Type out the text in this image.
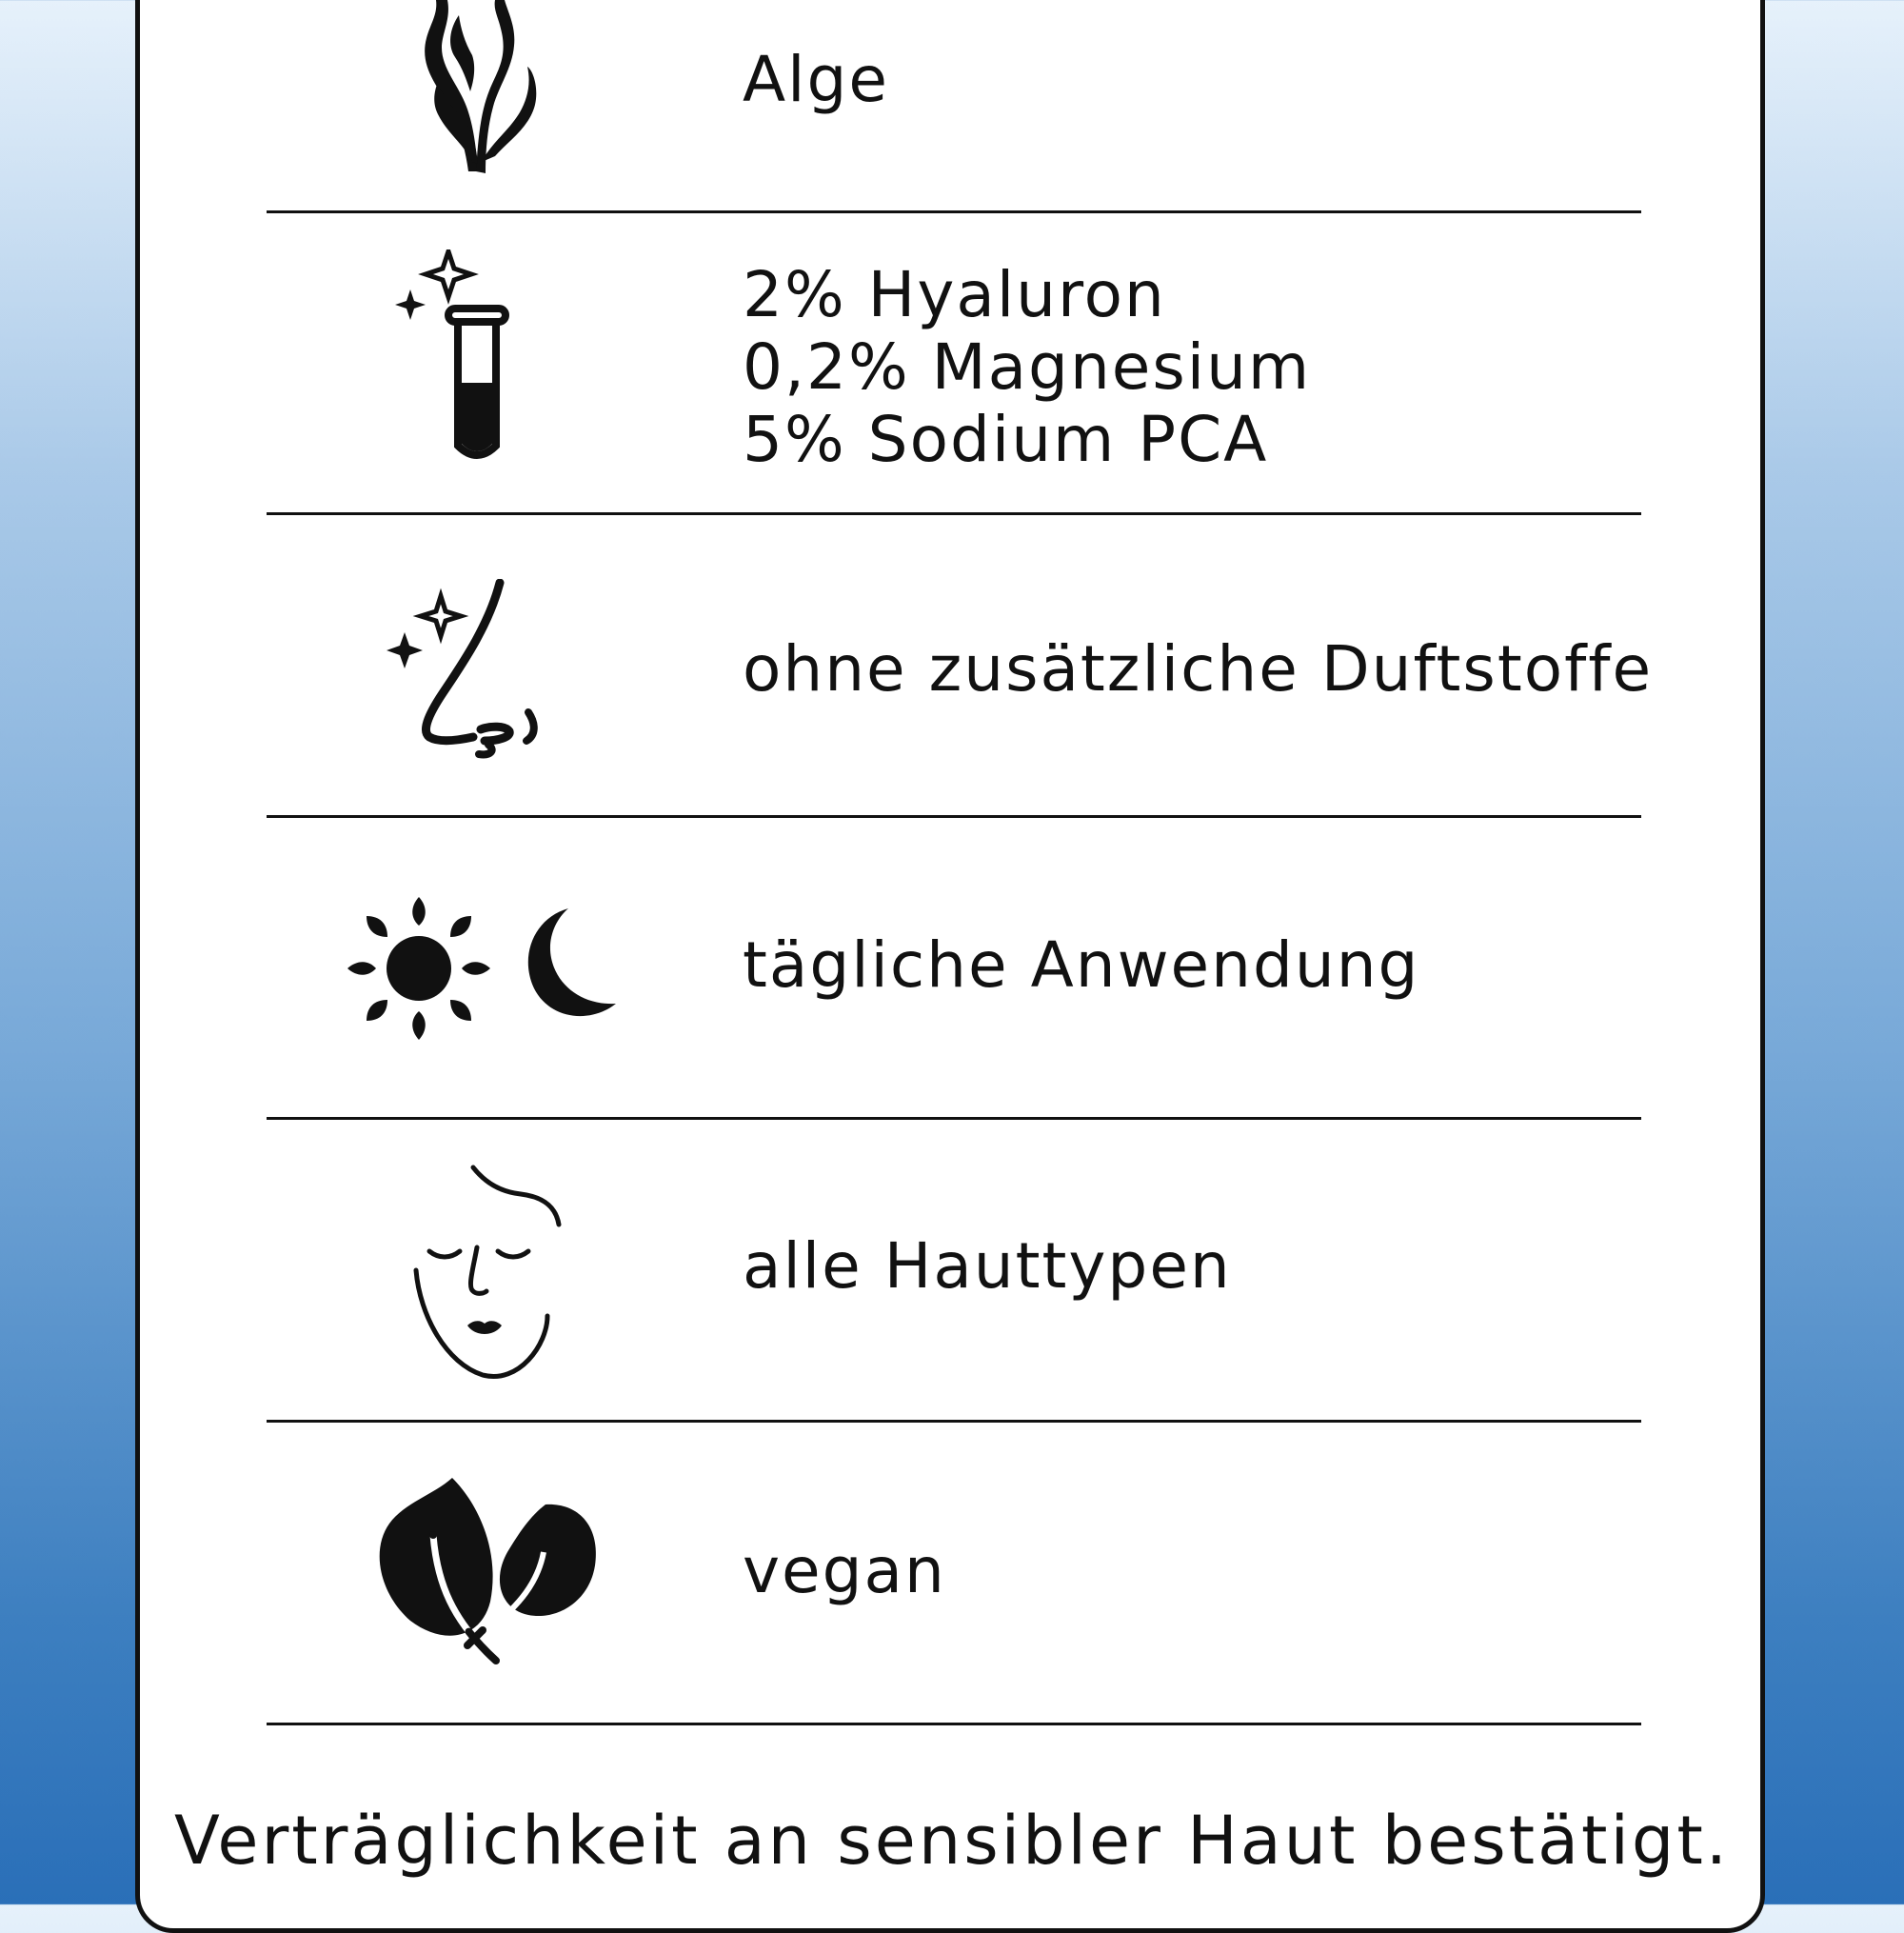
Alge
2% Hyaluron
0,2% Magnesium
5% Sodium PCA
ohne zusätzliche Duftstoffe
tägliche Anwendung
alle Hauttypen
vegan
Verträglichkeit an sensibler Haut bestätigt.
